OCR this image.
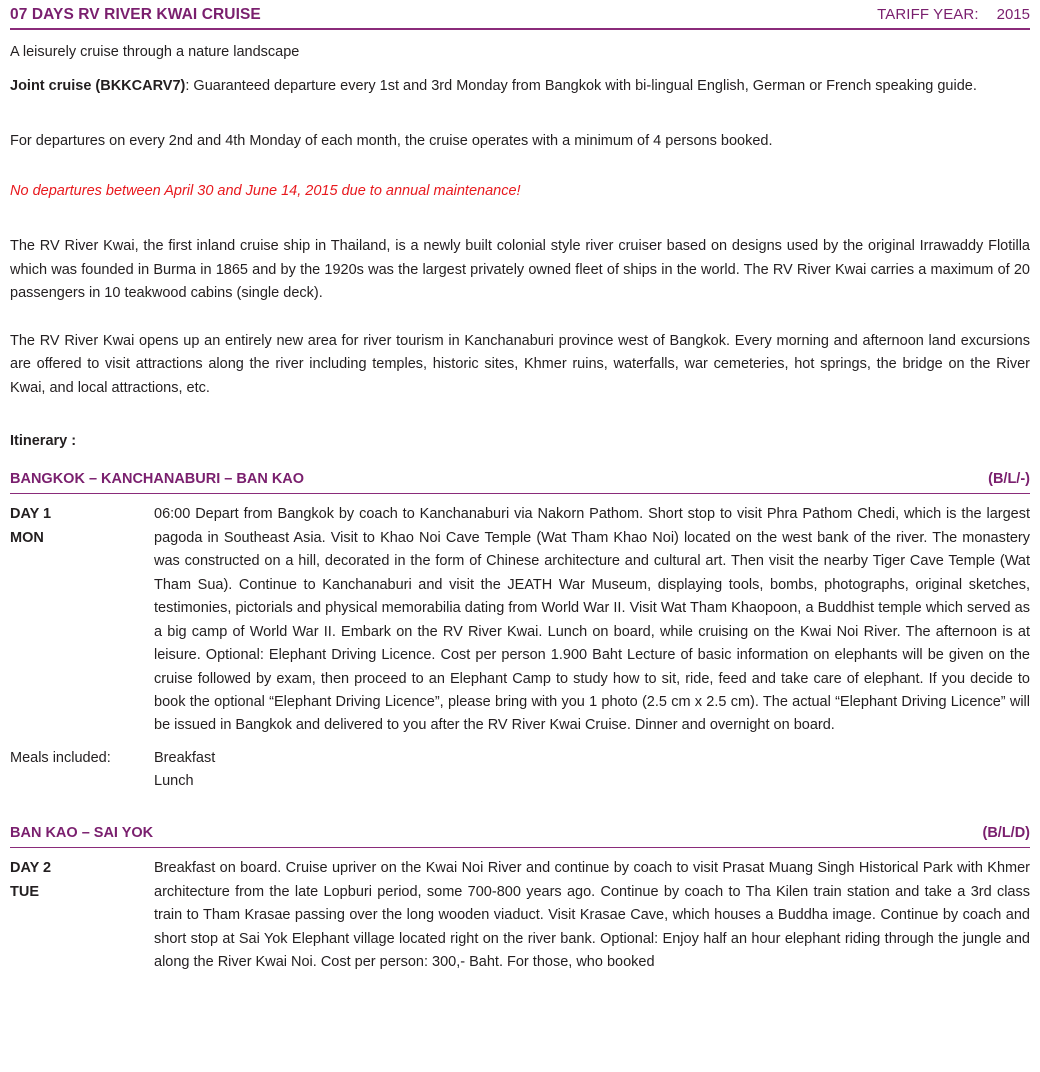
07 DAYS RV RIVER KWAI CRUISE	TARIFF YEAR: 2015

A leisurely cruise through a nature landscape

Joint cruise (BKKCARV7): Guaranteed departure every 1st and 3rd Monday from Bangkok with bi-lingual English, German or French speaking guide.

For departures on every 2nd and 4th Monday of each month, the cruise operates with a minimum of 4 persons booked.

No departures between April 30 and June 14, 2015 due to annual maintenance!

The RV River Kwai, the first inland cruise ship in Thailand, is a newly built colonial style river cruiser based on designs used by the original Irrawaddy Flotilla which was founded in Burma in 1865 and by the 1920s was the largest privately owned fleet of ships in the world. The RV River Kwai carries a maximum of 20 passengers in 10 teakwood cabins (single deck).

The RV River Kwai opens up an entirely new area for river tourism in Kanchanaburi province west of Bangkok. Every morning and afternoon land excursions are offered to visit attractions along the river including temples, historic sites, Khmer ruins, waterfalls, war cemeteries, hot springs, the bridge on the River Kwai, and local attractions, etc.

Itinerary :

BANGKOK – KANCHANABURI – BAN KAO	(B/L/-)
DAY 1
MON
06:00 Depart from Bangkok by coach to Kanchanaburi via Nakorn Pathom. Short stop to visit Phra Pathom Chedi, which is the largest pagoda in Southeast Asia. Visit to Khao Noi Cave Temple (Wat Tham Khao Noi) located on the west bank of the river. The monastery was constructed on a hill, decorated in the form of Chinese architecture and cultural art. Then visit the nearby Tiger Cave Temple (Wat Tham Sua). Continue to Kanchanaburi and visit the JEATH War Museum, displaying tools, bombs, photographs, original sketches, testimonies, pictorials and physical memorabilia dating from World War II. Visit Wat Tham Khaopoon, a Buddhist temple which served as a big camp of World War II. Embark on the RV River Kwai. Lunch on board, while cruising on the Kwai Noi River. The afternoon is at leisure. Optional: Elephant Driving Licence. Cost per person 1.900 Baht Lecture of basic information on elephants will be given on the cruise followed by exam, then proceed to an Elephant Camp to study how to sit, ride, feed and take care of elephant. If you decide to book the optional “Elephant Driving Licence”, please bring with you 1 photo (2.5 cm x 2.5 cm). The actual “Elephant Driving Licence” will be issued in Bangkok and delivered to you after the RV River Kwai Cruise. Dinner and overnight on board.
Meals included:	Breakfast
Lunch
BAN KAO – SAI YOK	(B/L/D)
DAY 2
TUE
Breakfast on board. Cruise upriver on the Kwai Noi River and continue by coach to visit Prasat Muang Singh Historical Park with Khmer architecture from the late Lopburi period, some 700-800 years ago. Continue by coach to Tha Kilen train station and take a 3rd class train to Tham Krasae passing over the long wooden viaduct. Visit Krasae Cave, which houses a Buddha image. Continue by coach and short stop at Sai Yok Elephant village located right on the river bank. Optional: Enjoy half an hour elephant riding through the jungle and along the River Kwai Noi. Cost per person: 300,- Baht. For those, who booked
